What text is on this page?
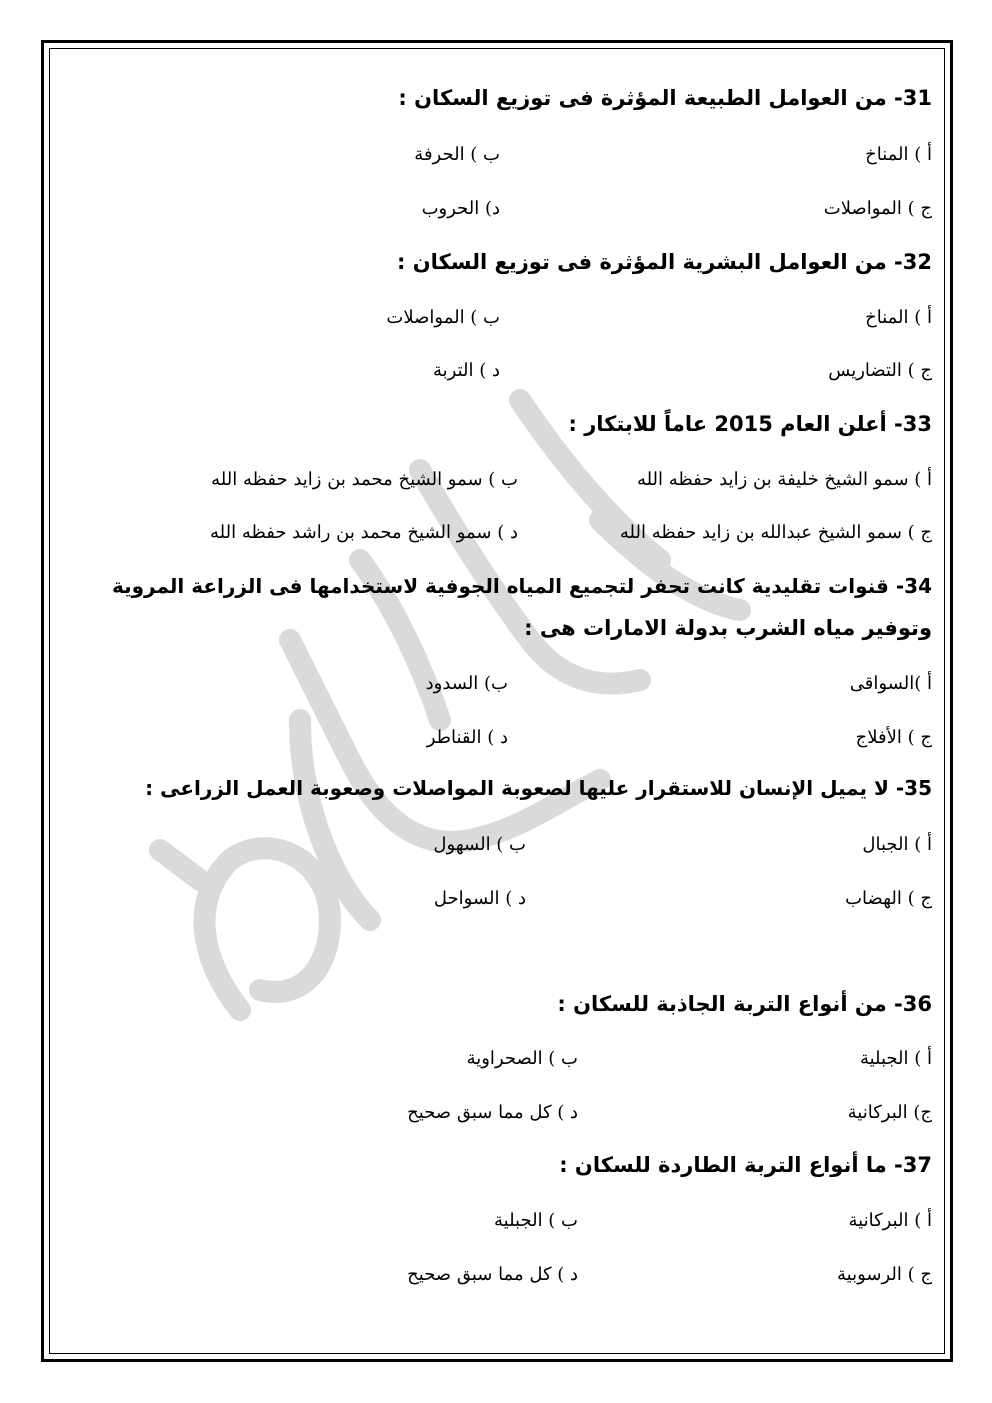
31- من العوامل الطبيعة المؤثرة فى توزيع السكان :
أ ) المناخ
ب ) الحرفة
ج ) المواصلات
د) الحروب
32- من العوامل البشرية المؤثرة فى توزيع السكان :
أ ) المناخ
ب ) المواصلات
ج ) التضاريس
د ) التربة
33- أعلن العام 2015 عاماً للابتكار :
أ ) سمو الشيخ خليفة بن زايد حفظه الله
ب ) سمو الشيخ محمد بن زايد حفظه الله
ج ) سمو الشيخ عبدالله بن زايد حفظه الله
د ) سمو الشيخ محمد بن راشد حفظه الله
34- قنوات تقليدية كانت تحفر لتجميع المياه الجوفية لاستخدامها فى الزراعة المروية
وتوفير مياه الشرب بدولة الامارات هى :
أ )السواقى
ب) السدود
ج ) الأفلاج
د ) القناطر
35- لا يميل الإنسان للاستقرار عليها لصعوبة المواصلات وصعوبة العمل الزراعى :
أ ) الجبال
ب ) السهول
ج ) الهضاب
د ) السواحل
36- من أنواع التربة الجاذبة للسكان :
أ ) الجبلية
ب ) الصحراوية
ج) البركانية
د ) كل مما سبق صحيح
37- ما أنواع التربة الطاردة للسكان :
أ ) البركانية
ب ) الجبلية
ج ) الرسوبية
د ) كل مما سبق صحيح
